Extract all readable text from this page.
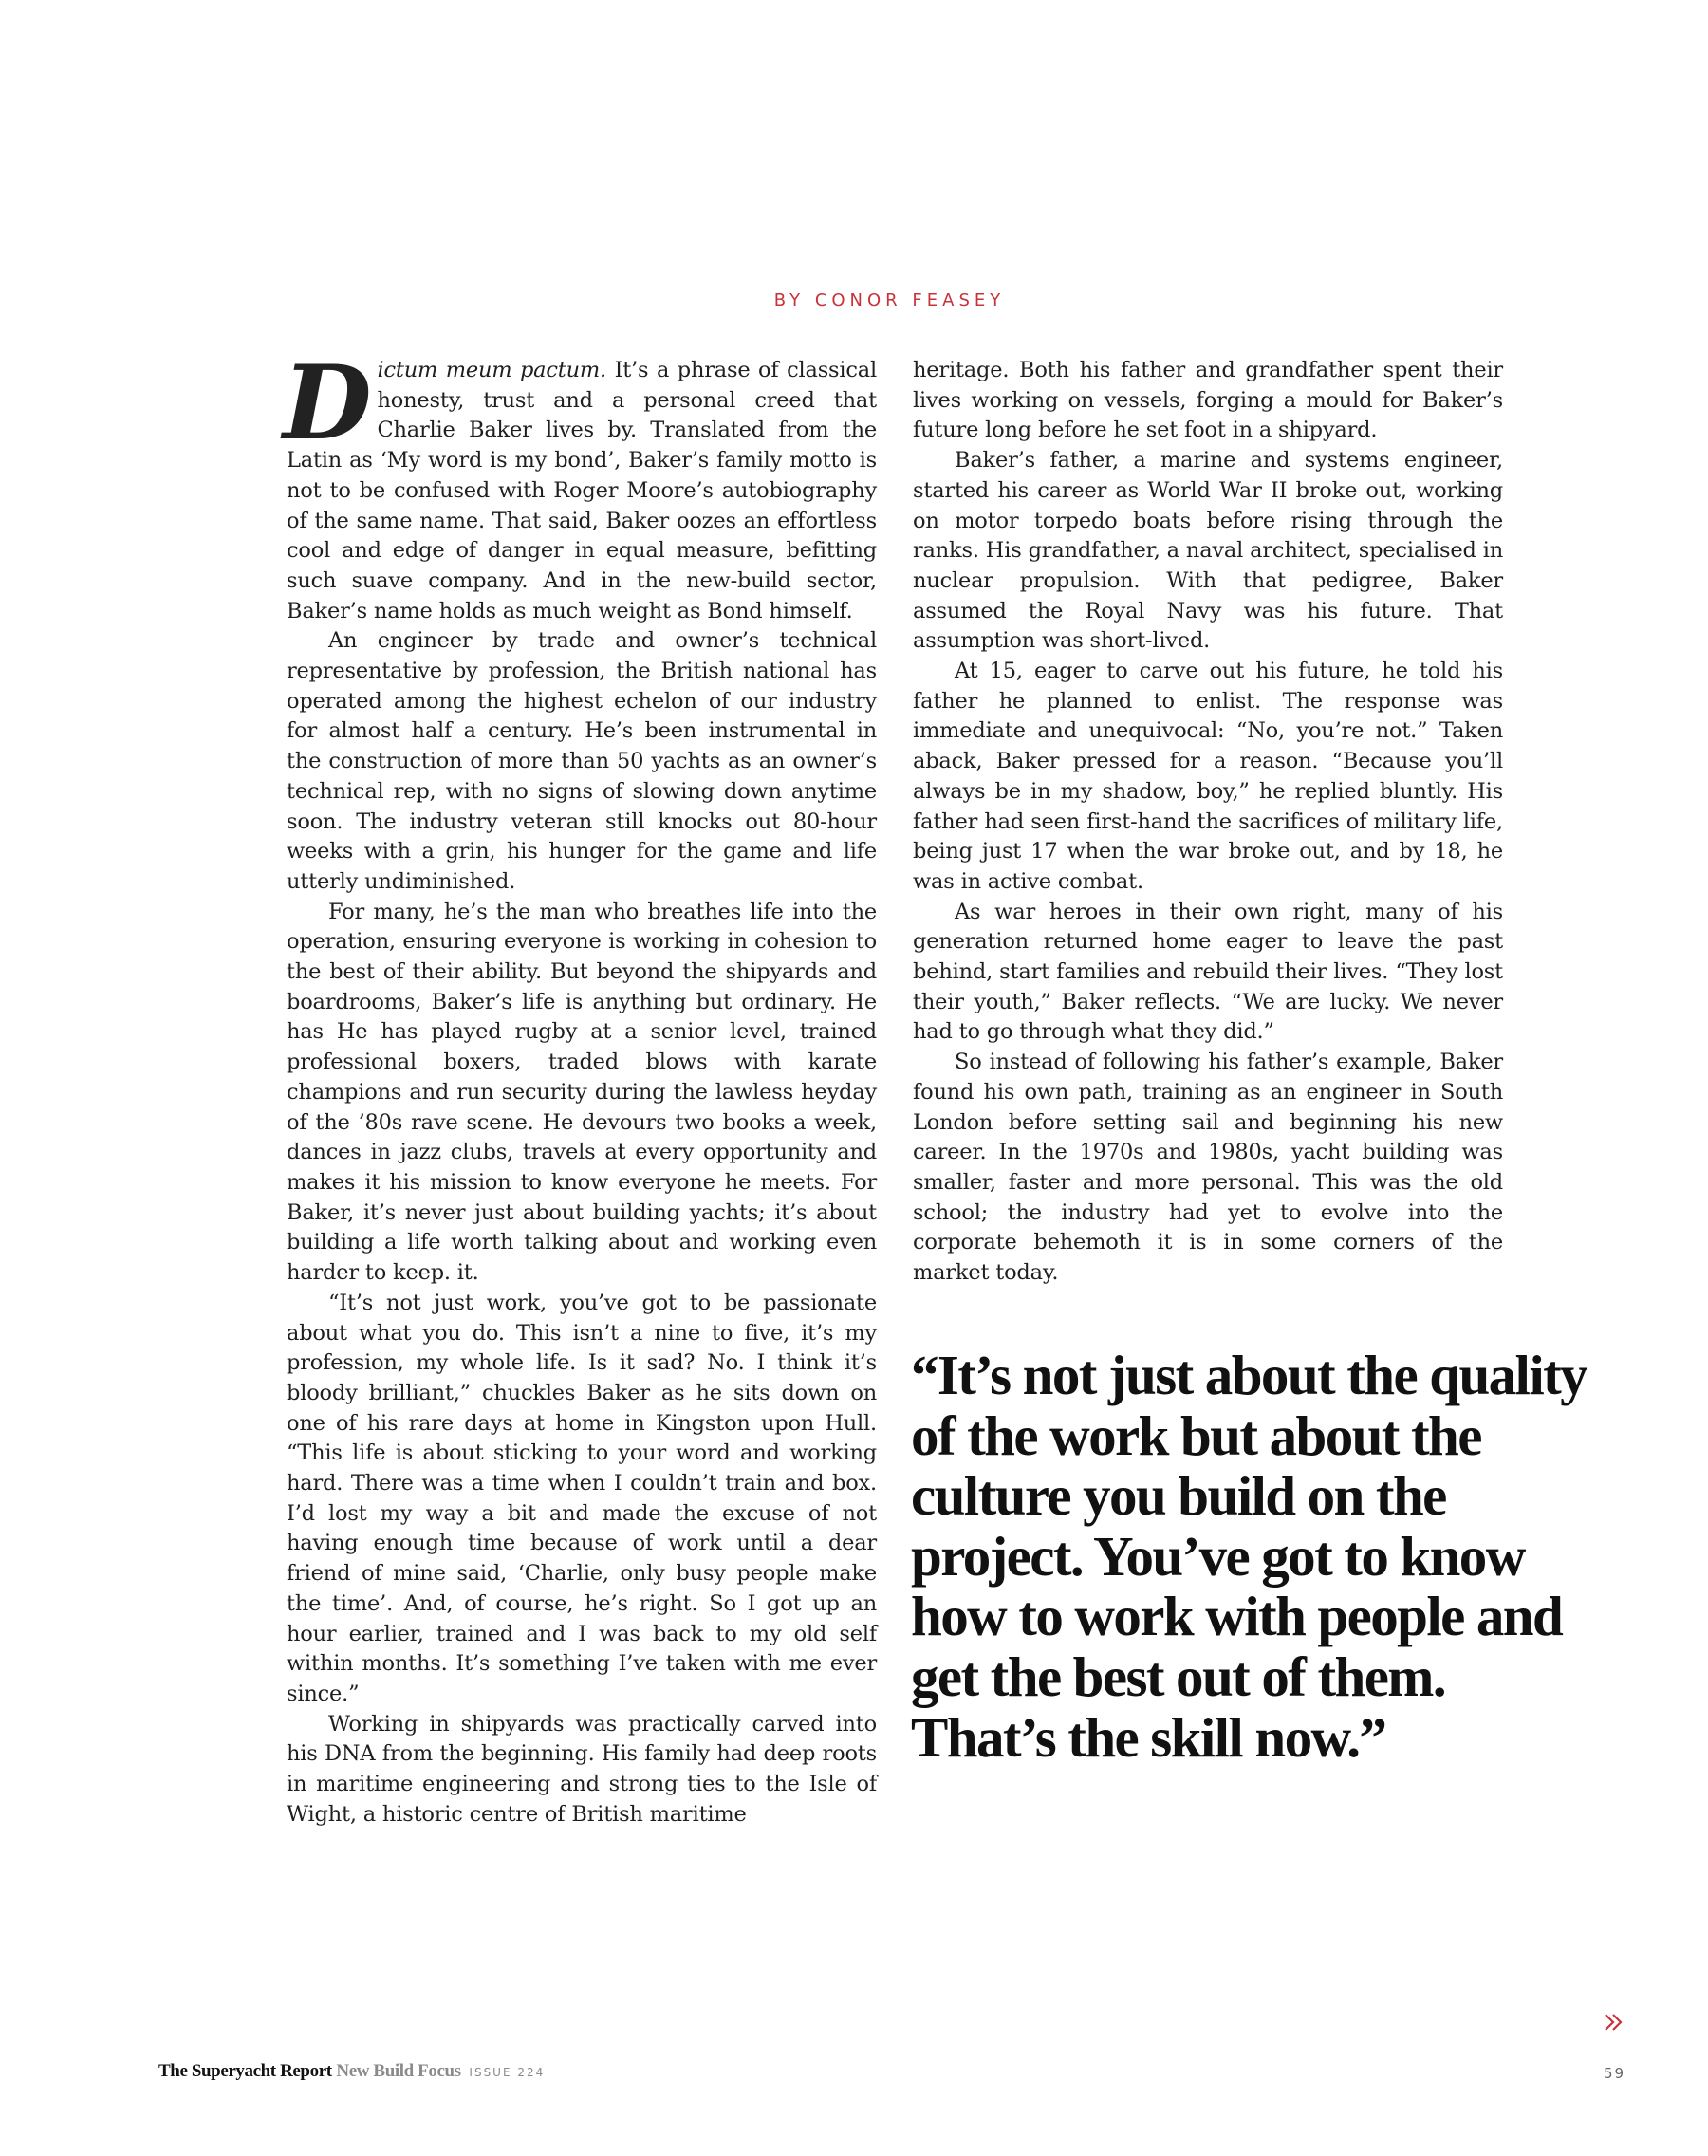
BY CONOR FEASEY

Dictum meum pactum. It’s a phrase of classical honesty, trust and a personal creed that Charlie Baker lives by. Translated from the Latin as ‘My word is my bond’, Baker’s family motto is not to be confused with Roger Moore’s autobiography of the same name. That said, Baker oozes an effortless cool and edge of danger in equal measure, befitting such suave company. And in the new-build sector, Baker’s name holds as much weight as Bond himself.

An engineer by trade and owner’s technical representative by profession, the British national has operated among the highest echelon of our industry for almost half a century. He’s been instrumental in the construction of more than 50 yachts as an owner’s technical rep, with no signs of slowing down anytime soon. The industry veteran still knocks out 80-hour weeks with a grin, his hunger for the game and life utterly undiminished.

For many, he’s the man who breathes life into the operation, ensuring everyone is working in cohesion to the best of their ability. But beyond the shipyards and boardrooms, Baker’s life is anything but ordinary. He has He has played rugby at a senior level, trained professional boxers, traded blows with karate champions and run security during the lawless heyday of the ’80s rave scene. He devours two books a week, dances in jazz clubs, travels at every opportunity and makes it his mission to know everyone he meets. For Baker, it’s never just about building yachts; it’s about building a life worth talking about and working even harder to keep. it.

“It’s not just work, you’ve got to be passionate about what you do. This isn’t a nine to five, it’s my profession, my whole life. Is it sad? No. I think it’s bloody brilliant,” chuckles Baker as he sits down on one of his rare days at home in Kingston upon Hull. “This life is about sticking to your word and working hard. There was a time when I couldn’t train and box. I’d lost my way a bit and made the excuse of not having enough time because of work until a dear friend of mine said, ‘Charlie, only busy people make the time’. And, of course, he’s right. So I got up an hour earlier, trained and I was back to my old self within months. It’s something I’ve taken with me ever since.”

Working in shipyards was practically carved into his DNA from the beginning. His family had deep roots in maritime engineering and strong ties to the Isle of Wight, a historic centre of British maritime

heritage. Both his father and grandfather spent their lives working on vessels, forging a mould for Baker’s future long before he set foot in a shipyard.

Baker’s father, a marine and systems engineer, started his career as World War II broke out, working on motor torpedo boats before rising through the ranks. His grandfather, a naval architect, specialised in nuclear propulsion. With that pedigree, Baker assumed the Royal Navy was his future. That assumption was short-lived.

At 15, eager to carve out his future, he told his father he planned to enlist. The response was immediate and unequivocal: “No, you’re not.” Taken aback, Baker pressed for a reason. “Because you’ll always be in my shadow, boy,” he replied bluntly. His father had seen first-hand the sacrifices of military life, being just 17 when the war broke out, and by 18, he was in active combat.

As war heroes in their own right, many of his generation returned home eager to leave the past behind, start families and rebuild their lives. “They lost their youth,” Baker reflects. “We are lucky. We never had to go through what they did.”

So instead of following his father’s example, Baker found his own path, training as an engineer in South London before setting sail and beginning his new career. In the 1970s and 1980s, yacht building was smaller, faster and more personal. This was the old school; the industry had yet to evolve into the corporate behemoth it is in some corners of the market today.

“It’s not just about the quality of the work but about the culture you build on the project. You’ve got to know how to work with people and get the best out of them. That’s the skill now.”
The Superyacht Report New Build Focus ISSUE 224	59
